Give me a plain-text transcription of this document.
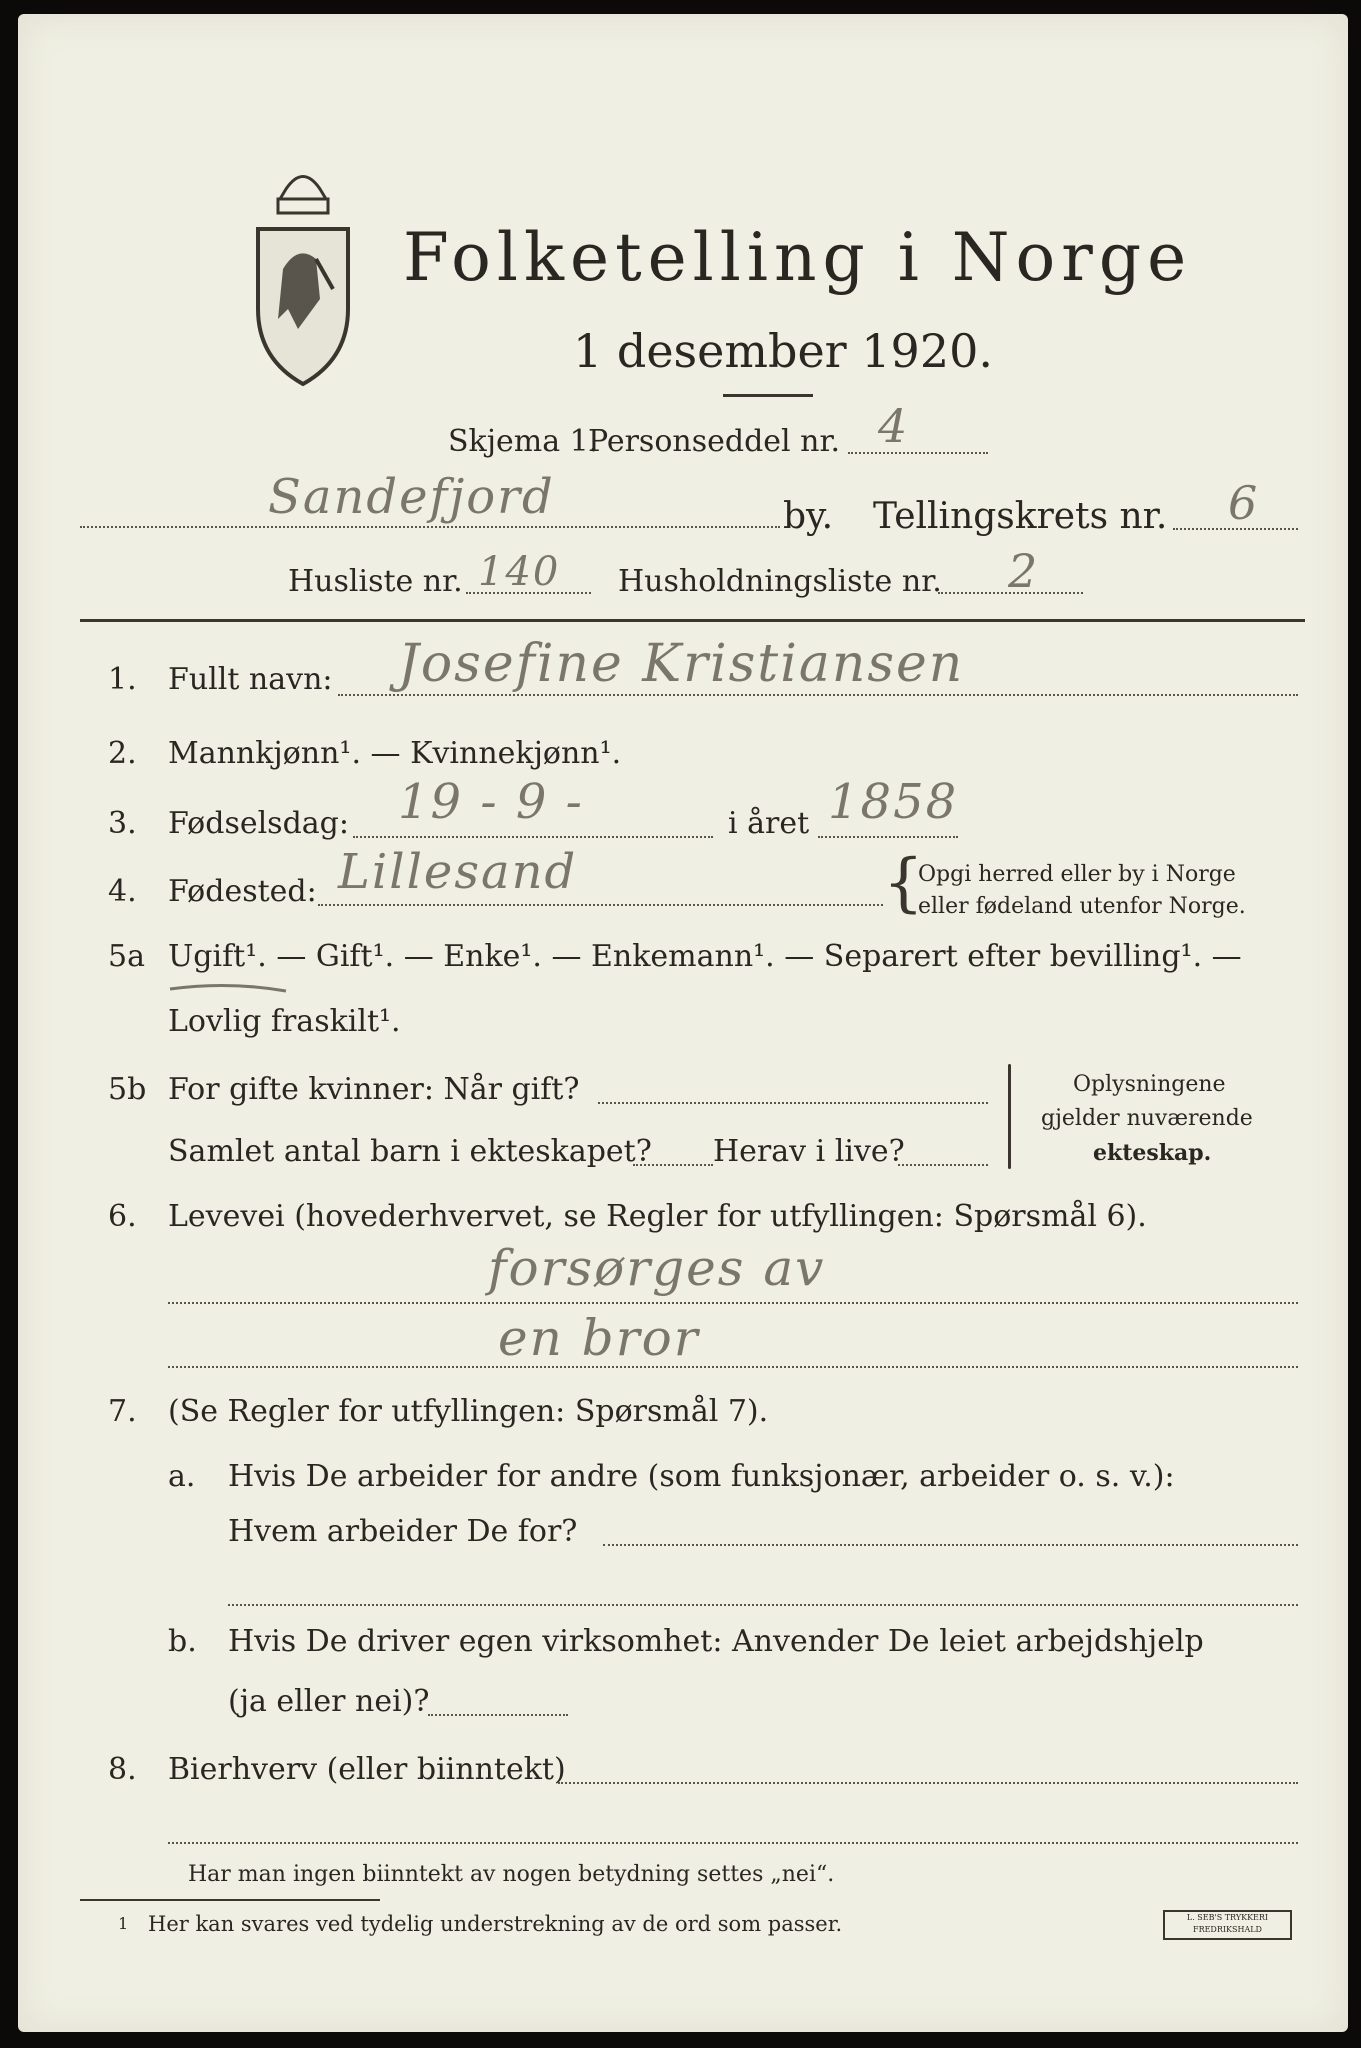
Folketelling i Norge
1 desember 1920.
Skjema 1.
Personseddel nr. 4
Sandefjord	by. Tellingskrets nr. 6
Husliste nr. 140 Husholdningsliste nr. 2
1. Fullt navn: Josefine Kristiansen
2. Mannkjønn¹. — Kvinnekjønn¹.
3. Fødselsdag: 19 - 9 -	i året 1858
4. Fødested: Lillesand	{
Opgi herred eller by i Norge
eller fødeland utenfor Norge.
5a Ugift¹. — Gift¹. — Enke¹. — Enkemann¹. — Separert efter bevilling¹. —
Lovlig fraskilt¹.
5b For gifte kvinner: Når gift?
Samlet antal barn i ekteskapet? Herav i live?
Oplysningene
gjelder nuværende
ekteskap.
6. Levevei (hovederhvervet, se Regler for utfyllingen: Spørsmål 6).
forsørges av
en bror
7. (Se Regler for utfyllingen: Spørsmål 7).
a. Hvis De arbeider for andre (som funksjonær, arbeider o. s. v.):
Hvem arbeider De for?
b. Hvis De driver egen virksomhet: Anvender De leiet arbejdshjelp
(ja eller nei)?
8. Bierhverv (eller biinntekt)
Har man ingen biinntekt av nogen betydning settes „nei“.
1 Her kan svares ved tydelig understrekning av de ord som passer.	L. SEB'S TRYKKERI FREDRIKSHALD
